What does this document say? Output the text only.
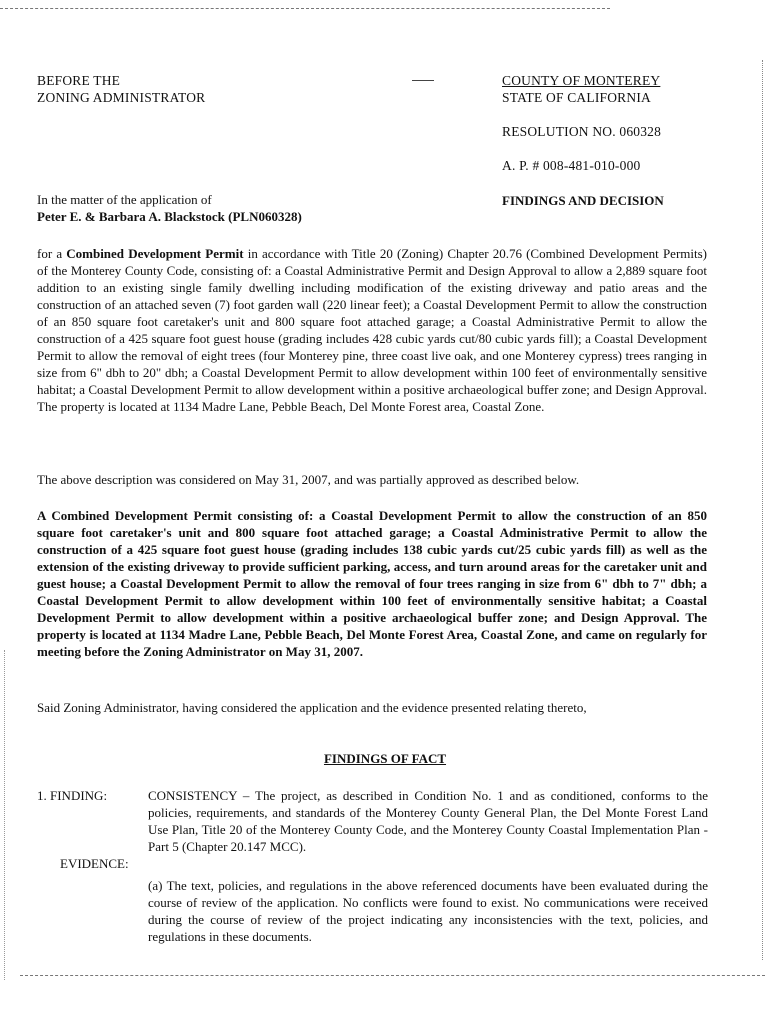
BEFORE THE
ZONING ADMINISTRATOR
COUNTY OF MONTEREY
STATE OF CALIFORNIA
RESOLUTION NO. 060328
A. P. # 008-481-010-000
In the matter of the application of
Peter E. & Barbara A. Blackstock (PLN060328)
FINDINGS AND DECISION
for a Combined Development Permit in accordance with Title 20 (Zoning) Chapter 20.76 (Combined Development Permits) of the Monterey County Code, consisting of: a Coastal Administrative Permit and Design Approval to allow a 2,889 square foot addition to an existing single family dwelling including modification of the existing driveway and patio areas and the construction of an attached seven (7) foot garden wall (220 linear feet); a Coastal Development Permit to allow the construction of an 850 square foot caretaker's unit and 800 square foot attached garage; a Coastal Administrative Permit to allow the construction of a 425 square foot guest house (grading includes 428 cubic yards cut/80 cubic yards fill); a Coastal Development Permit to allow the removal of eight trees (four Monterey pine, three coast live oak, and one Monterey cypress) trees ranging in size from 6" dbh to 20" dbh; a Coastal Development Permit to allow development within 100 feet of environmentally sensitive habitat; a Coastal Development Permit to allow development within a positive archaeological buffer zone; and Design Approval. The property is located at 1134 Madre Lane, Pebble Beach, Del Monte Forest area, Coastal Zone.
The above description was considered on May 31, 2007, and was partially approved as described below.
A Combined Development Permit consisting of: a Coastal Development Permit to allow the construction of an 850 square foot caretaker's unit and 800 square foot attached garage; a Coastal Administrative Permit to allow the construction of a 425 square foot guest house (grading includes 138 cubic yards cut/25 cubic yards fill) as well as the extension of the existing driveway to provide sufficient parking, access, and turn around areas for the caretaker unit and guest house; a Coastal Development Permit to allow the removal of four trees ranging in size from 6" dbh to 7" dbh; a Coastal Development Permit to allow development within 100 feet of environmentally sensitive habitat; a Coastal Development Permit to allow development within a positive archaeological buffer zone; and Design Approval. The property is located at 1134 Madre Lane, Pebble Beach, Del Monte Forest Area, Coastal Zone, and came on regularly for meeting before the Zoning Administrator on May 31, 2007.
Said Zoning Administrator, having considered the application and the evidence presented relating thereto,
FINDINGS OF FACT
1. FINDING:	CONSISTENCY – The project, as described in Condition No. 1 and as conditioned, conforms to the policies, requirements, and standards of the Monterey County General Plan, the Del Monte Forest Land Use Plan, Title 20 of the Monterey County Code, and the Monterey County Coastal Implementation Plan - Part 5 (Chapter 20.147 MCC).
EVIDENCE:
(a) The text, policies, and regulations in the above referenced documents have been evaluated during the course of review of the application. No conflicts were found to exist. No communications were received during the course of review of the project indicating any inconsistencies with the text, policies, and regulations in these documents.
